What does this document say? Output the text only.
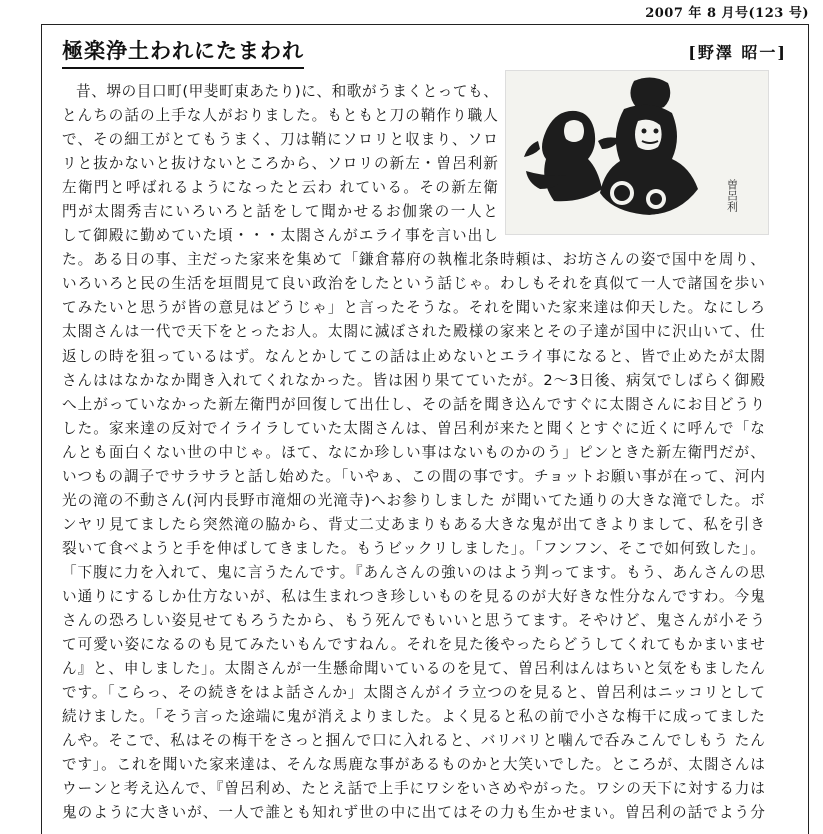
2007 年 8 月号(123 号)
極楽浄土われにたまわれ	[野澤 昭一]
曽呂利
昔、堺の目口町(甲斐町東あたり)に、和歌がうまくとっても、
とんちの話の上手な人がおりました。もともと刀の鞘作り職人
で、その細工がとてもうまく、刀は鞘にソロリと収まり、ソロ
リと抜かないと抜けないところから、ソロリの新左・曽呂利新
左衛門と呼ばれるようになったと云わ れている。その新左衛
門が太閤秀吉にいろいろと話をして聞かせるお伽衆の一人と
して御殿に勤めていた頃・・・太閤さんがエライ事を言い出し
た。ある日の事、主だった家来を集めて「鎌倉幕府の執権北条時頼は、お坊さんの姿で国中を周り、
いろいろと民の生活を垣間見て良い政治をしたという話じゃ。わしもそれを真似て一人で諸国を歩い
てみたいと思うが皆の意見はどうじゃ」と言ったそうな。それを聞いた家来達は仰天した。なにしろ
太閤さんは一代で天下をとったお人。太閤に滅ぼされた殿様の家来とその子達が国中に沢山いて、仕
返しの時を狙っているはず。なんとかしてこの話は止めないとエライ事になると、皆で止めたが太閤
さんははなかなか聞き入れてくれなかった。皆は困り果てていたが。2〜3日後、病気でしばらく御殿
へ上がっていなかった新左衛門が回復して出仕し、その話を聞き込んですぐに太閤さんにお目どうり
した。家来達の反対でイライラしていた太閤さんは、曽呂利が来たと聞くとすぐに近くに呼んで「な
んとも面白くない世の中じゃ。ほて、なにか珍しい事はないものかのう」ピンときた新左衛門だが、
いつもの調子でサラサラと話し始めた。「いやぁ、この間の事です。チョットお願い事が在って、河内
光の滝の不動さん(河内長野市滝畑の光滝寺)へお参りしました が聞いてた通りの大きな滝でした。ボ
ンヤリ見てましたら突然滝の脇から、背丈二丈あまりもある大きな鬼が出てきよりまして、私を引き
裂いて食べようと手を伸ばしてきました。もうビックリしました」。「フンフン、そこで如何致した」。
「下腹に力を入れて、鬼に言うたんです。『あんさんの強いのはよう判ってます。もう、あんさんの思
い通りにするしか仕方ないが、私は生まれつき珍しいものを見るのが大好きな性分なんですわ。今鬼
さんの恐ろしい姿見せてもろうたから、もう死んでもいいと思うてます。そやけど、鬼さんが小そう
て可愛い姿になるのも見てみたいもんですねん。それを見た後やったらどうしてくれてもかまいませ
ん』と、申しました」。太閤さんが一生懸命聞いているのを見て、曽呂利はんはちいと気をもましたん
です。「こらっ、その続きをはよ話さんか」太閤さんがイラ立つのを見ると、曽呂利はニッコリとして
続けました。「そう言った途端に鬼が消えよりました。よく見ると私の前で小さな梅干に成ってました
んや。そこで、私はその梅干をさっと掴んで口に入れると、バリバリと噛んで呑みこんでしもう たん
です」。これを聞いた家来達は、そんな馬鹿な事があるものかと大笑いでした。ところが、太閤さんは
ウーンと考え込んで、『曽呂利め、たとえ話で上手にワシをいさめやがった。ワシの天下に対する力は
鬼のように大きいが、一人で誰とも知れず世の中に出てはその力も生かせまい。曽呂利の話でよう分
